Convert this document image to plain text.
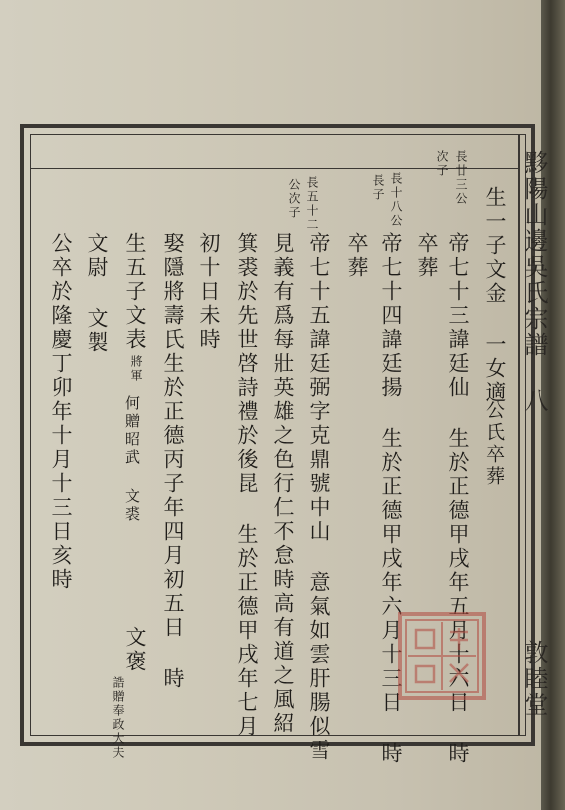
黟陽山邊吳氏宗譜 八
敦睦堂
長廿三公
次子
長十八公
長子
長五十二
公次子	生一子文金 一女適
公氏卒葬
帝七十三諱廷仙 生於正德甲戌年五月十六日 時
卒葬
帝七十四諱廷揚 生於正德甲戌年六月十三日 時
卒葬
帝七十五諱廷弼字克鼎號中山 意氣如雲肝腸似雪
見義有爲每壯英雄之色行仁不怠時高有道之風紹
箕裘於先世啓詩禮於後昆 生於正德甲戌年七月
初十日未時
娶隱將壽氏生於正德丙子年四月初五日 時
生五子文表
將軍
何贈昭武 文裘
文褒
誥贈奉政大夫
文尉 文製
公卒於隆慶丁卯年十月十三日亥時
